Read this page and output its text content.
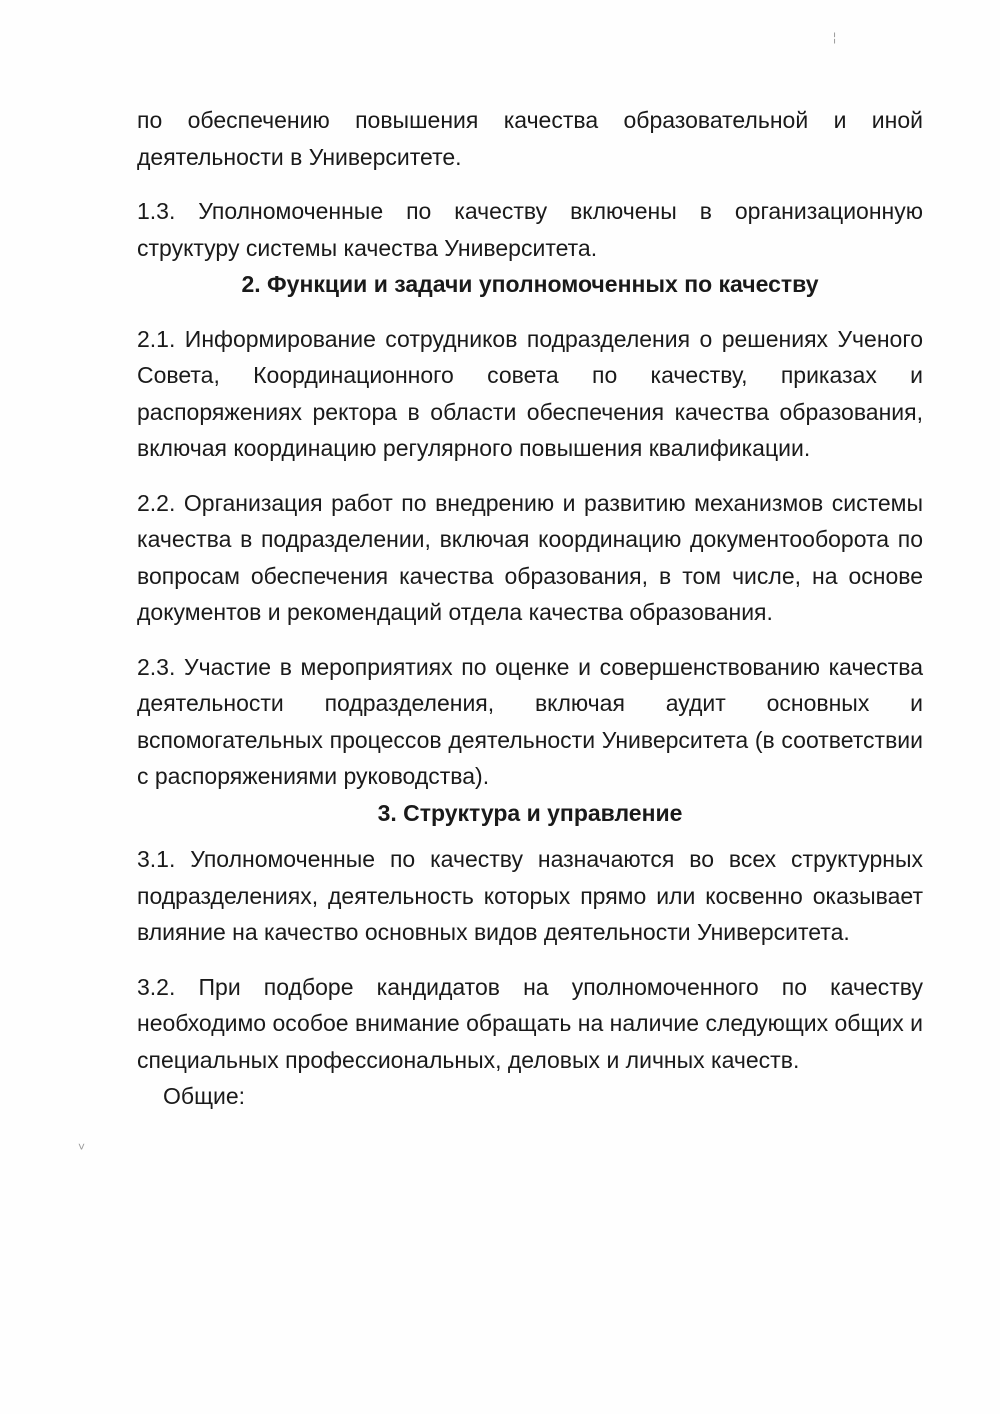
¦
˅

по обеспечению повышения качества образовательной и иной деятельности в Университете.

1.3. Уполномоченные по качеству включены в организационную структуру системы качества Университета.

2. Функции и задачи уполномоченных по качеству

2.1. Информирование сотрудников подразделения о решениях Ученого Совета, Координационного совета по качеству, приказах и распоряжениях ректора в области обеспечения качества образования, включая координацию регулярного повышения квалификации.

2.2. Организация работ по внедрению и развитию механизмов системы качества в подразделении, включая координацию документооборота по вопросам обеспечения качества образования, в том числе, на основе документов и рекомендаций отдела качества образования.

2.3. Участие в мероприятиях по оценке и совершенствованию качества деятельности подразделения, включая аудит основных и вспомогательных процессов деятельности Университета (в соответствии с распоряжениями руководства).

3. Структура и управление

3.1. Уполномоченные по качеству назначаются во всех структурных подразделениях, деятельность которых прямо или косвенно оказывает влияние на качество основных видов деятельности Университета.

3.2. При подборе кандидатов на уполномоченного по качеству необходимо особое внимание обращать на наличие следующих общих и специальных профессиональных, деловых и личных качеств.

Общие:
